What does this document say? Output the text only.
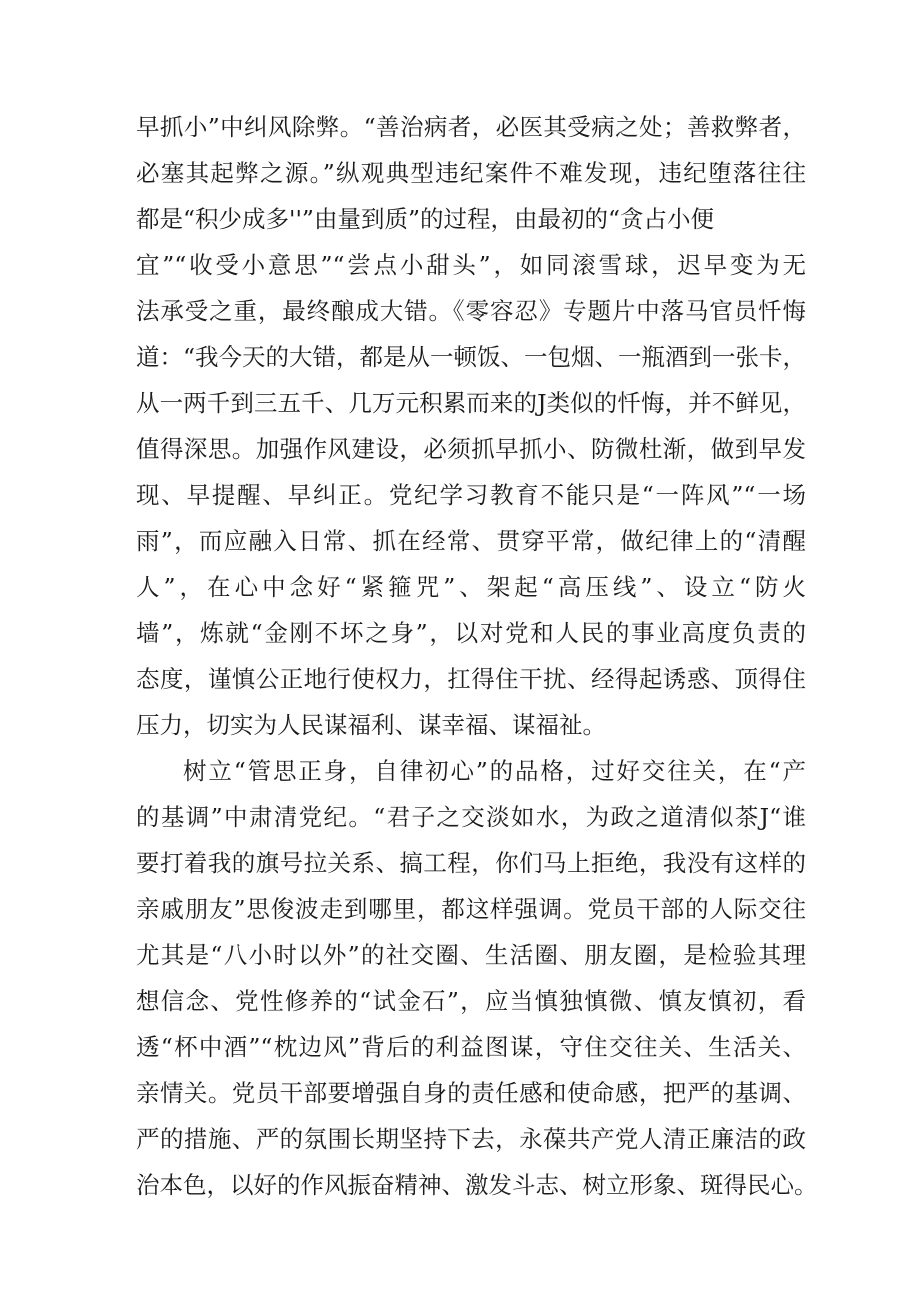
早抓小”中纠风除弊。“善治病者，必医其受病之处；善救弊者，
必塞其起弊之源。”纵观典型违纪案件不难发现，违纪堕落往往
都是“积少成多''”由量到质”的过程，由最初的“贪占小便
宜”“收受小意思”“尝点小甜头”，如同滚雪球，迟早变为无
法承受之重，最终酿成大错。《零容忍》专题片中落马官员忏悔
道：“我今天的大错，都是从一顿饭、一包烟、一瓶酒到一张卡，
从一两千到三五千、几万元积累而来的J类似的忏悔，并不鲜见，
值得深思。加强作风建设，必须抓早抓小、防微杜渐，做到早发
现、早提醒、早纠正。党纪学习教育不能只是“一阵风”“一场
雨”，而应融入日常、抓在经常、贯穿平常，做纪律上的“清醒
人”，在心中念好“紧箍咒”、架起“高压线”、设立“防火
墙”，炼就“金刚不坏之身”，以对党和人民的事业高度负责的
态度，谨慎公正地行使权力，扛得住干扰、经得起诱惑、顶得住
压力，切实为人民谋福利、谋幸福、谋福祉。
树立“管思正身，自律初心”的品格，过好交往关，在“产
的基调”中肃清党纪。“君子之交淡如水，为政之道清似茶J“谁
要打着我的旗号拉关系、搞工程，你们马上拒绝，我没有这样的
亲戚朋友”思俊波走到哪里，都这样强调。党员干部的人际交往
尤其是“八小时以外”的社交圈、生活圈、朋友圈，是检验其理
想信念、党性修养的“试金石”，应当慎独慎微、慎友慎初，看
透“杯中酒”“枕边风”背后的利益图谋，守住交往关、生活关、
亲情关。党员干部要增强自身的责任感和使命感，把严的基调、
严的措施、严的氛围长期坚持下去，永葆共产党人清正廉洁的政
治本色，以好的作风振奋精神、激发斗志、树立形象、斑得民心。
